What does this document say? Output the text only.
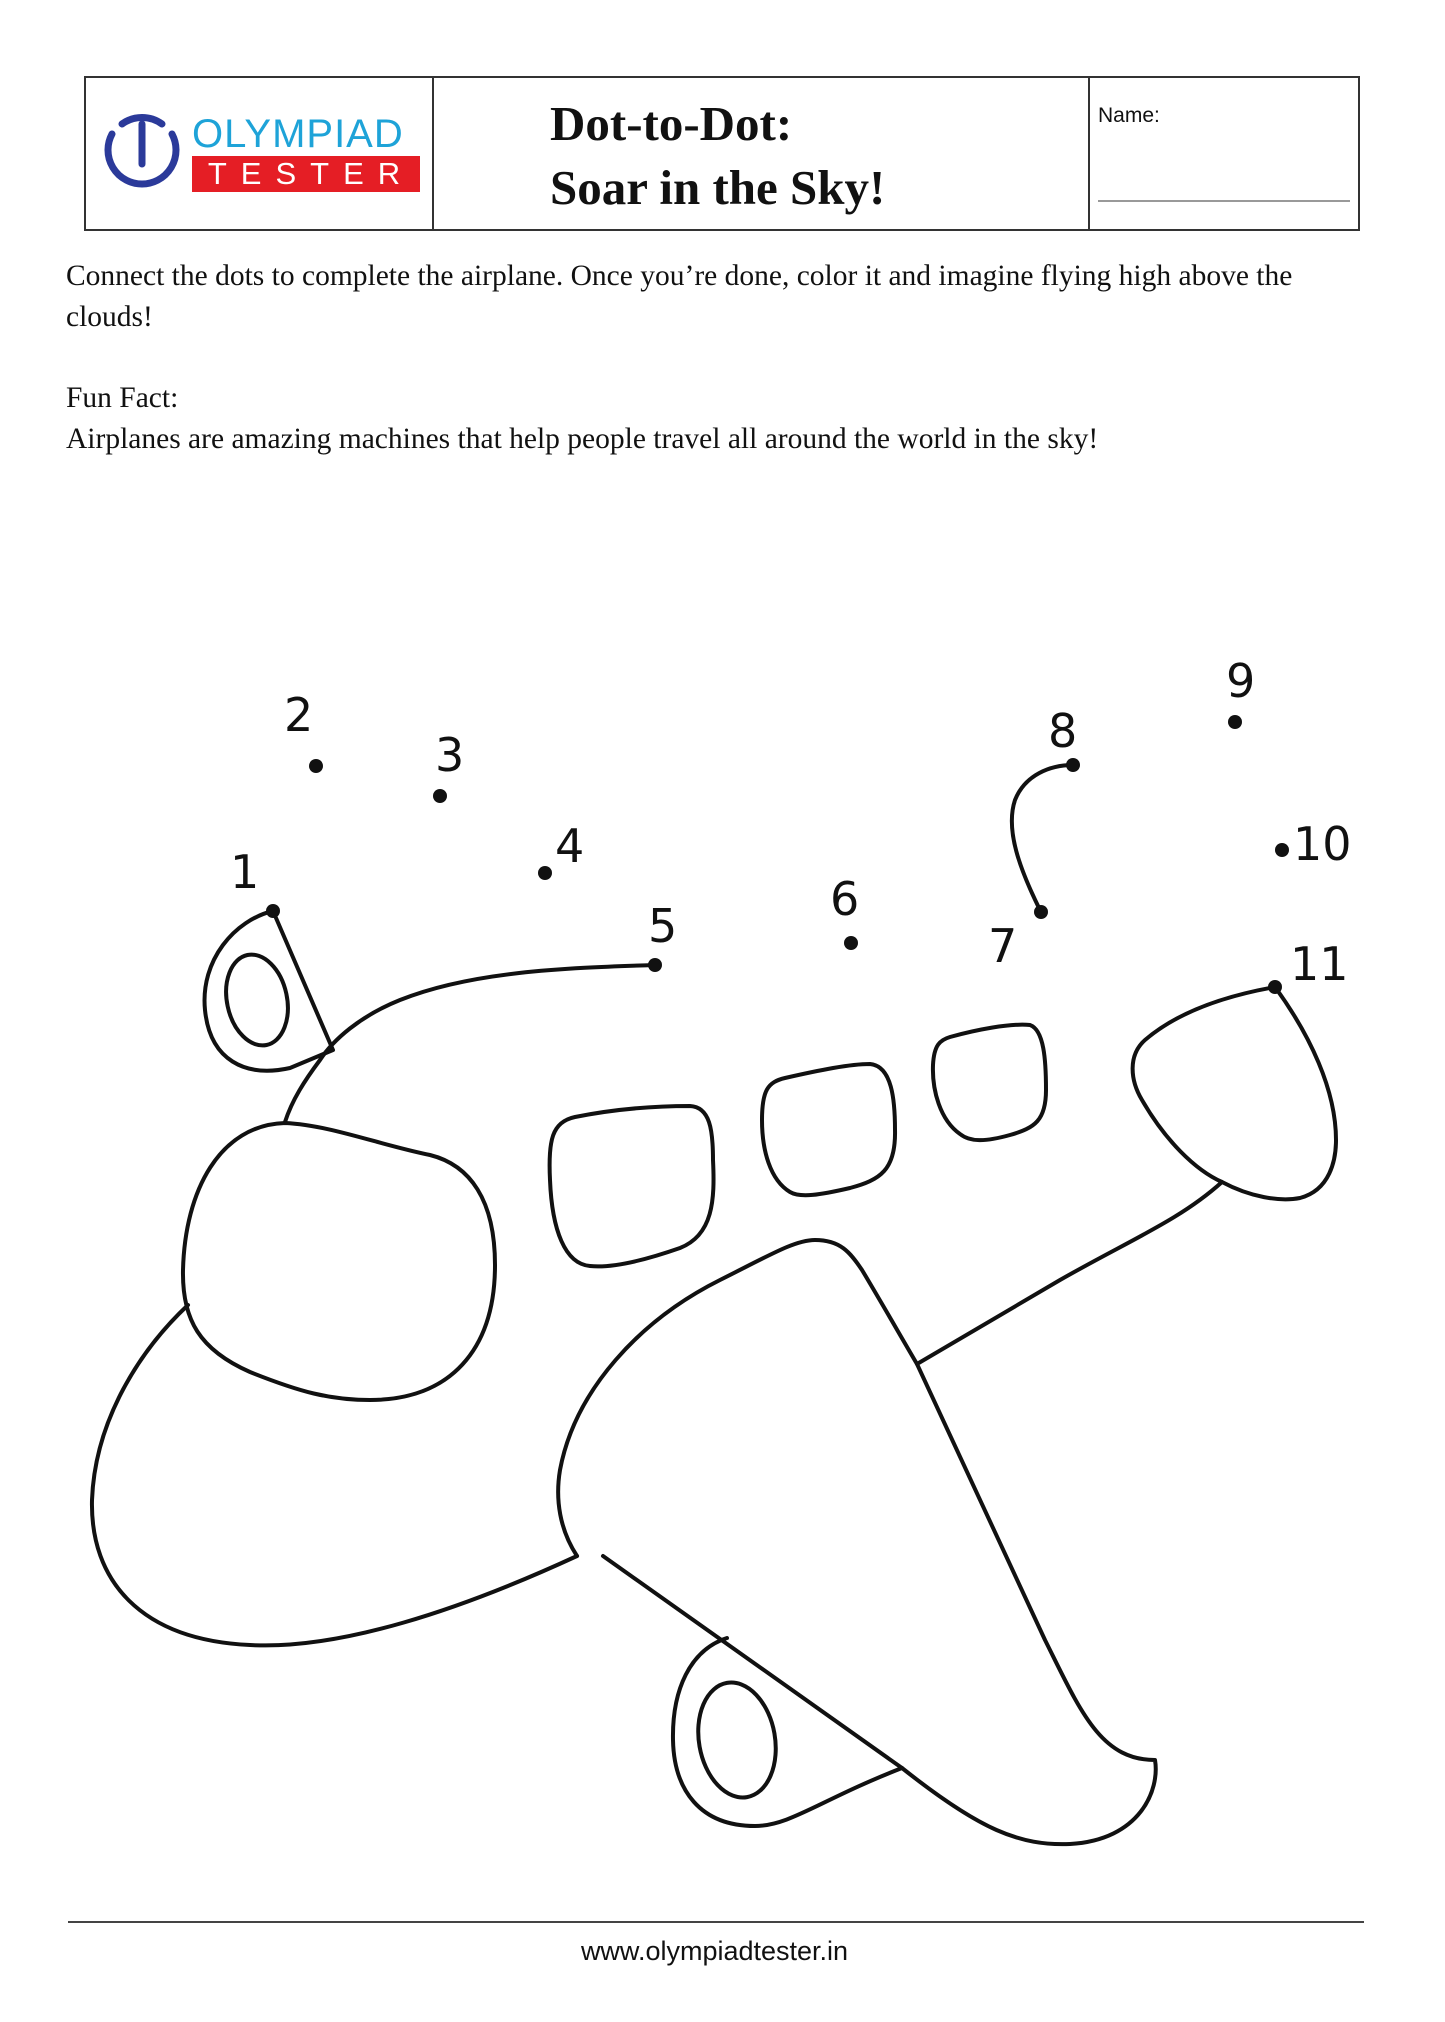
OLYMPIAD
TESTER
Dot-to-Dot:
Soar in the Sky!
Name:

Connect the dots to complete the airplane. Once you’re done, color it and imagine flying high above the clouds!

Fun Fact:

Airplanes are amazing machines that help people travel all around the world in the sky!

1
2
3
4
5	6
7
8
9
10
11
www.olympiadtester.in
